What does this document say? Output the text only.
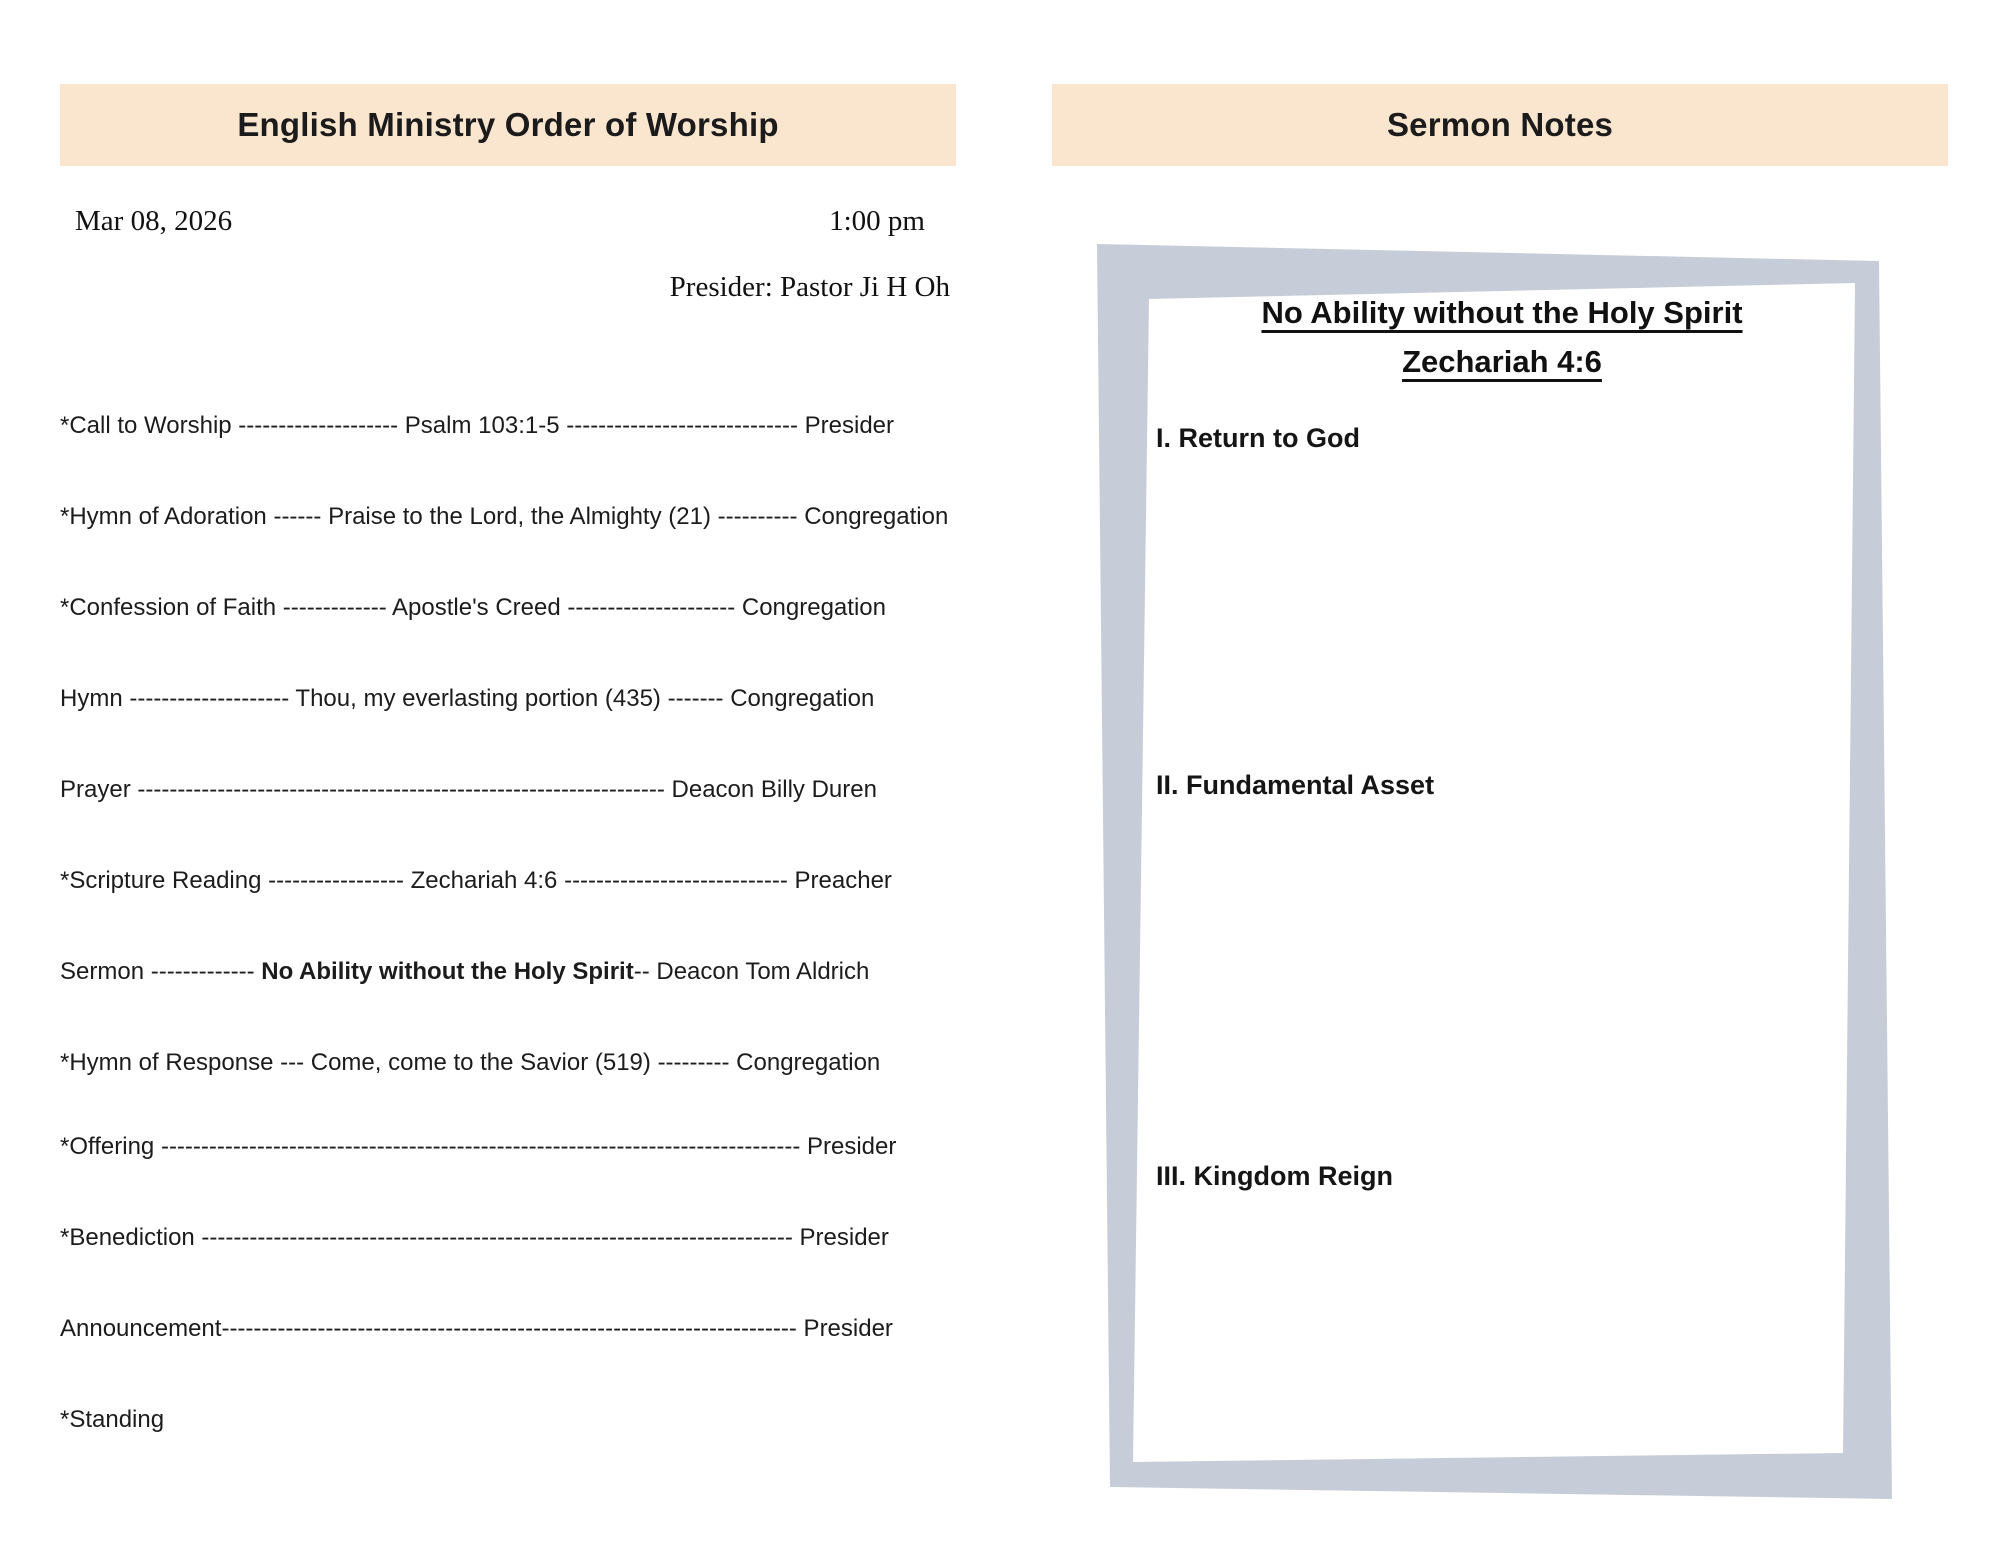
English Ministry Order of Worship	Sermon Notes
Mar 08, 2026	1:00 pm
Presider: Pastor Ji H Oh
*Call to Worship -------------------- Psalm 103:1-5 ----------------------------- Presider
*Hymn of Adoration ------ Praise to the Lord, the Almighty (21) ---------- Congregation
*Confession of Faith ------------- Apostle's Creed --------------------- Congregation
Hymn -------------------- Thou, my everlasting portion (435) ------- Congregation
Prayer ------------------------------------------------------------------ Deacon Billy Duren
*Scripture Reading ----------------- Zechariah 4:6 ---------------------------- Preacher
Sermon ------------- No Ability without the Holy Spirit-- Deacon Tom Aldrich
*Hymn of Response --- Come, come to the Savior (519) --------- Congregation
*Offering -------------------------------------------------------------------------------- Presider
*Benediction -------------------------------------------------------------------------- Presider
Announcement------------------------------------------------------------------------ Presider
*Standing
No Ability without the Holy Spirit
Zechariah 4:6
I. Return to God
II. Fundamental Asset
III. Kingdom Reign
